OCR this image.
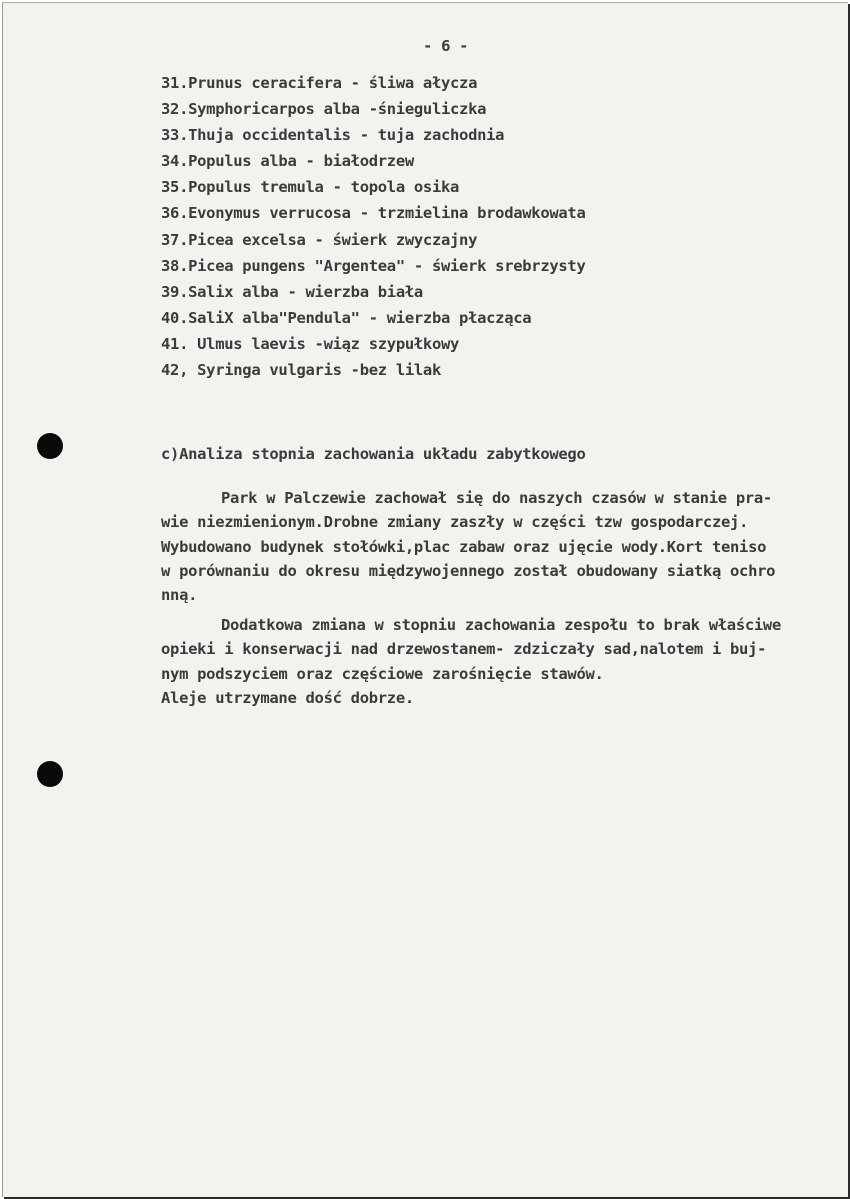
- 6 -
31.Prunus ceracifera - śliwa ałycza
32.Symphoricarpos alba -śnieguliczka
33.Thuja occidentalis - tuja zachodnia
34.Populus alba - białodrzew
35.Populus tremula - topola osika
36.Evonymus verrucosa - trzmielina brodawkowata
37.Picea excelsa - świerk zwyczajny
38.Picea pungens "Argentea" - świerk srebrzysty
39.Salix alba - wierzba biała
40.SaliX alba"Pendula" - wierzba płacząca
41. Ulmus laevis -wiąz szypułkowy
42, Syringa vulgaris -bez lilak
c)Analiza stopnia zachowania układu zabytkowego
Park w Palczewie zachował się do naszych czasów w stanie pra-
wie niezmienionym.Drobne zmiany zaszły w części tzw gospodarczej.
Wybudowano budynek stołówki,plac zabaw oraz ujęcie wody.Kort teniso
w porównaniu do okresu międzywojennego został obudowany siatką ochro
nną.
Dodatkowa zmiana w stopniu zachowania zespołu to brak właściwe
opieki i konserwacji nad drzewostanem- zdziczały sad,nalotem i buj-
nym podszyciem oraz częściowe zarośnięcie stawów.
Aleje utrzymane dość dobrze.
